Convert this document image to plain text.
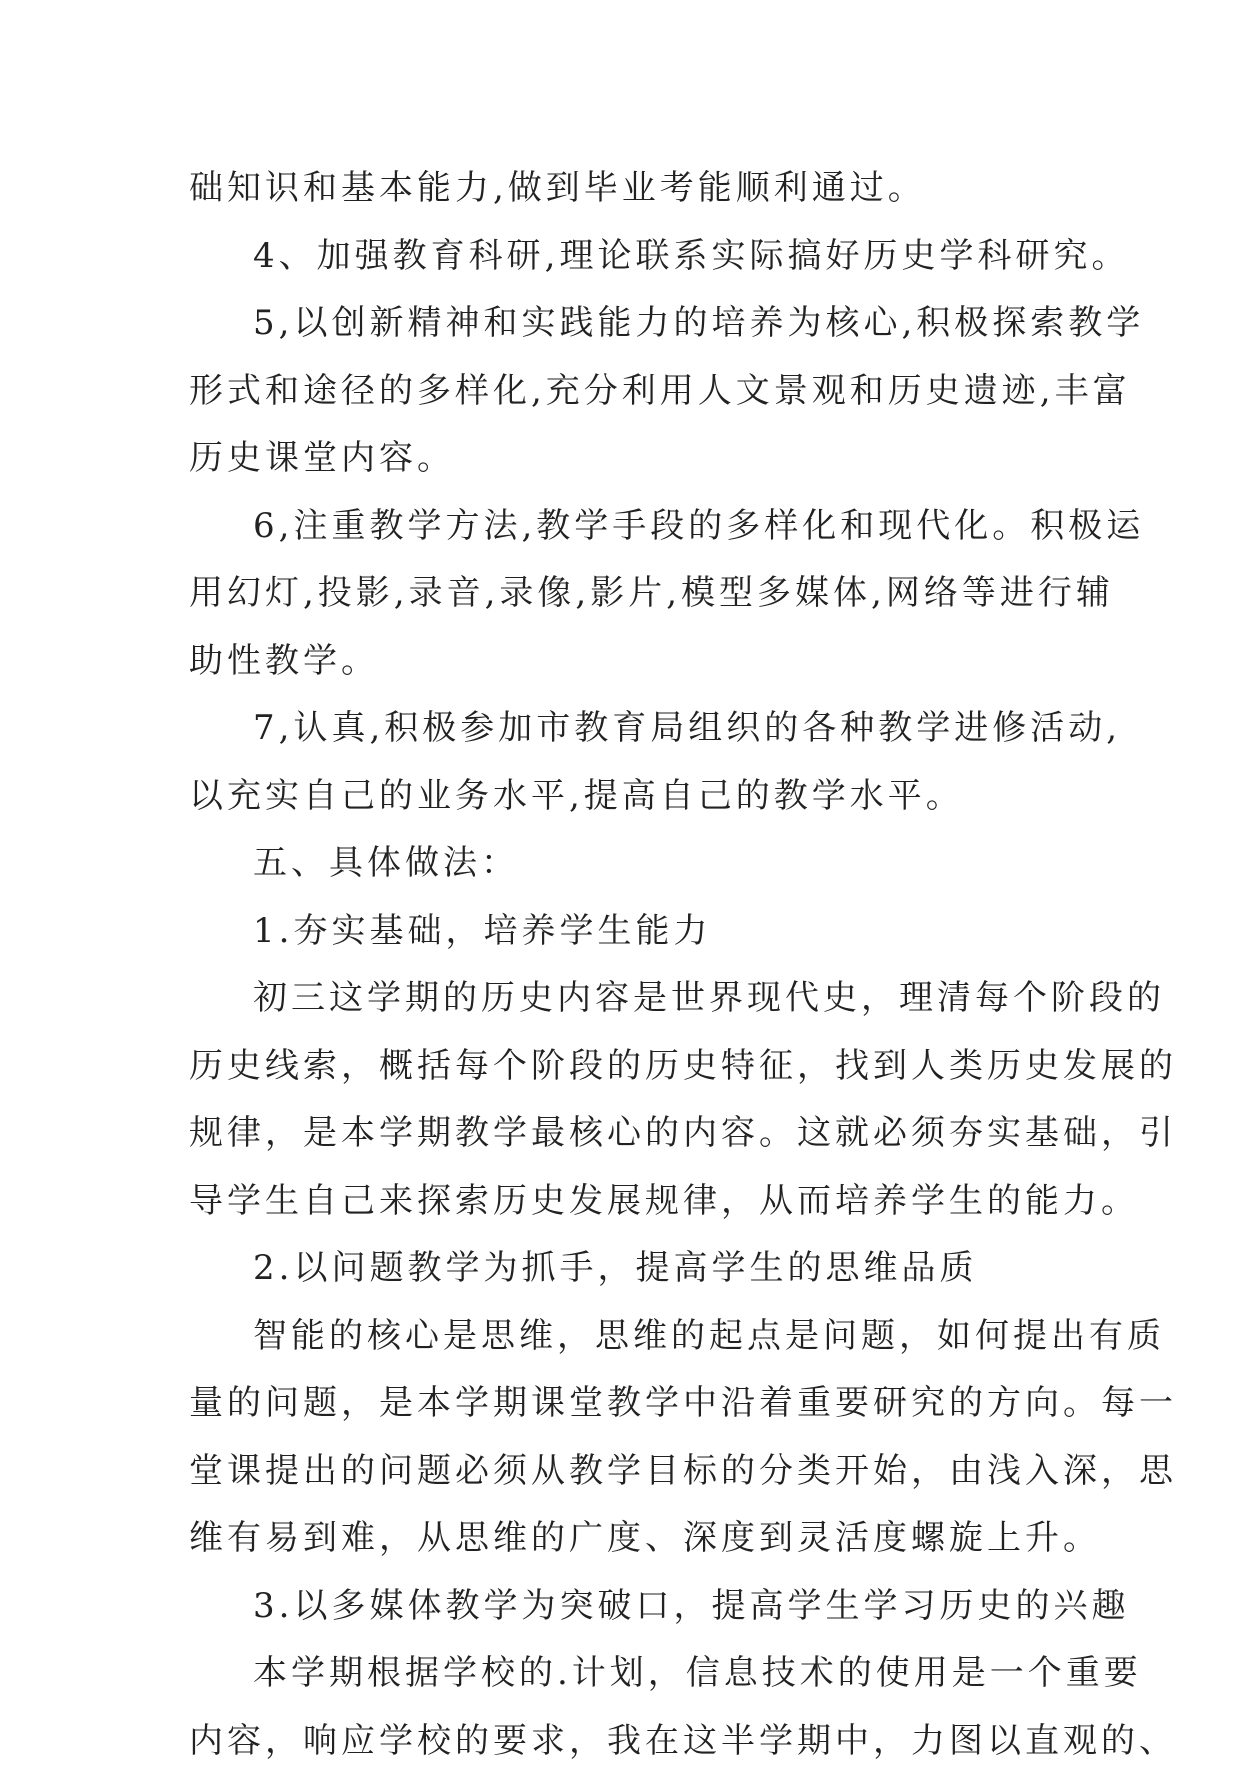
础知识和基本能力,做到毕业考能顺利通过。
4、加强教育科研,理论联系实际搞好历史学科研究。
5,以创新精神和实践能力的培养为核心,积极探索教学
形式和途径的多样化,充分利用人文景观和历史遗迹,丰富
历史课堂内容。
6,注重教学方法,教学手段的多样化和现代化。积极运
用幻灯,投影,录音,录像,影片,模型多媒体,网络等进行辅
助性教学。
7,认真,积极参加市教育局组织的各种教学进修活动,
以充实自己的业务水平,提高自己的教学水平。
五、具体做法：
1.夯实基础，培养学生能力
初三这学期的历史内容是世界现代史，理清每个阶段的
历史线索，概括每个阶段的历史特征，找到人类历史发展的
规律，是本学期教学最核心的内容。这就必须夯实基础，引
导学生自己来探索历史发展规律，从而培养学生的能力。
2.以问题教学为抓手，提高学生的思维品质
智能的核心是思维，思维的起点是问题，如何提出有质
量的问题，是本学期课堂教学中沿着重要研究的方向。每一
堂课提出的问题必须从教学目标的分类开始，由浅入深，思
维有易到难，从思维的广度、深度到灵活度螺旋上升。
3.以多媒体教学为突破口，提高学生学习历史的兴趣
本学期根据学校的.计划，信息技术的使用是一个重要
内容，响应学校的要求，我在这半学期中，力图以直观的、
